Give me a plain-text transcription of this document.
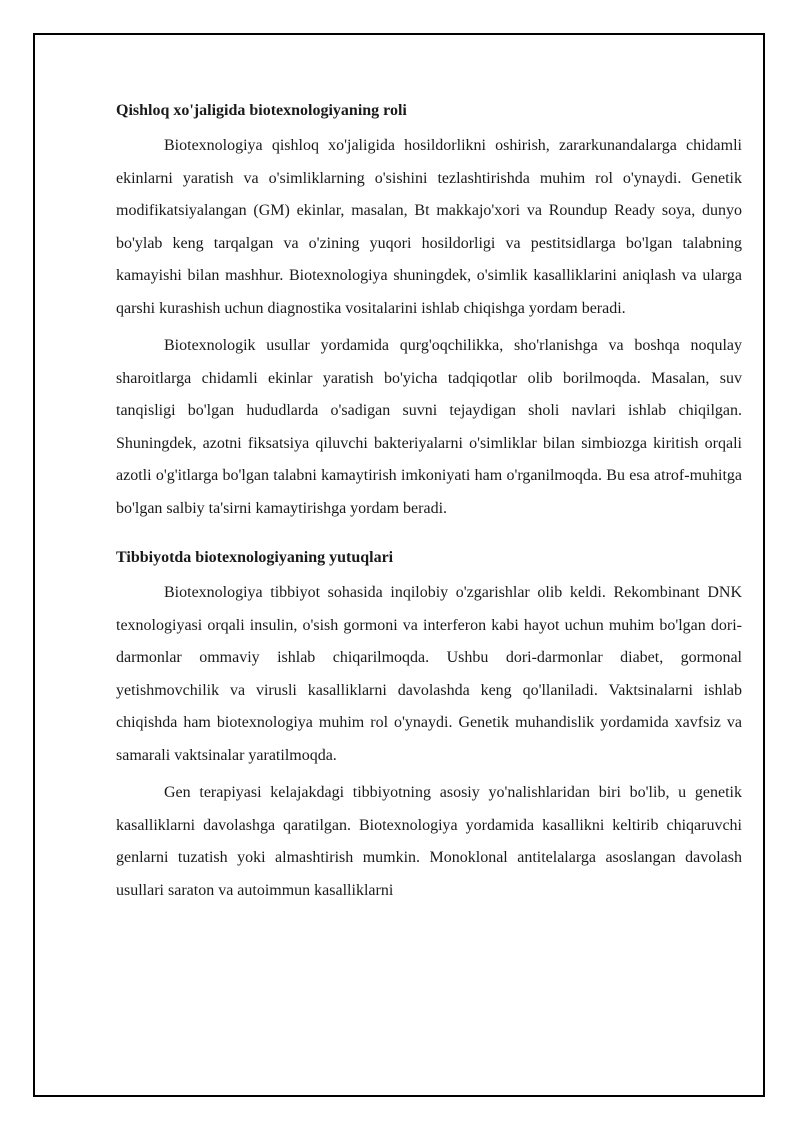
Qishloq xo'jaligida biotexnologiyaning roli

Biotexnologiya qishloq xo'jaligida hosildorlikni oshirish, zararkunandalarga chidamli ekinlarni yaratish va o'simliklarning o'sishini tezlashtirishda muhim rol o'ynaydi. Genetik modifikatsiyalangan (GM) ekinlar, masalan, Bt makkajo'xori va Roundup Ready soya, dunyo bo'ylab keng tarqalgan va o'zining yuqori hosildorligi va pestitsidlarga bo'lgan talabning kamayishi bilan mashhur. Biotexnologiya shuningdek, o'simlik kasalliklarini aniqlash va ularga qarshi kurashish uchun diagnostika vositalarini ishlab chiqishga yordam beradi.

Biotexnologik usullar yordamida qurg'oqchilikka, sho'rlanishga va boshqa noqulay sharoitlarga chidamli ekinlar yaratish bo'yicha tadqiqotlar olib borilmoqda. Masalan, suv tanqisligi bo'lgan hududlarda o'sadigan suvni tejaydigan sholi navlari ishlab chiqilgan. Shuningdek, azotni fiksatsiya qiluvchi bakteriyalarni o'simliklar bilan simbiozga kiritish orqali azotli o'g'itlarga bo'lgan talabni kamaytirish imkoniyati ham o'rganilmoqda. Bu esa atrof-muhitga bo'lgan salbiy ta'sirni kamaytirishga yordam beradi.

Tibbiyotda biotexnologiyaning yutuqlari

Biotexnologiya tibbiyot sohasida inqilobiy o'zgarishlar olib keldi. Rekombinant DNK texnologiyasi orqali insulin, o'sish gormoni va interferon kabi hayot uchun muhim bo'lgan dori-darmonlar ommaviy ishlab chiqarilmoqda. Ushbu dori-darmonlar diabet, gormonal yetishmovchilik va virusli kasalliklarni davolashda keng qo'llaniladi. Vaktsinalarni ishlab chiqishda ham biotexnologiya muhim rol o'ynaydi. Genetik muhandislik yordamida xavfsiz va samarali vaktsinalar yaratilmoqda.

Gen terapiyasi kelajakdagi tibbiyotning asosiy yo'nalishlaridan biri bo'lib, u genetik kasalliklarni davolashga qaratilgan. Biotexnologiya yordamida kasallikni keltirib chiqaruvchi genlarni tuzatish yoki almashtirish mumkin. Monoklonal antitelalarga asoslangan davolash usullari saraton va autoimmun kasalliklarni
